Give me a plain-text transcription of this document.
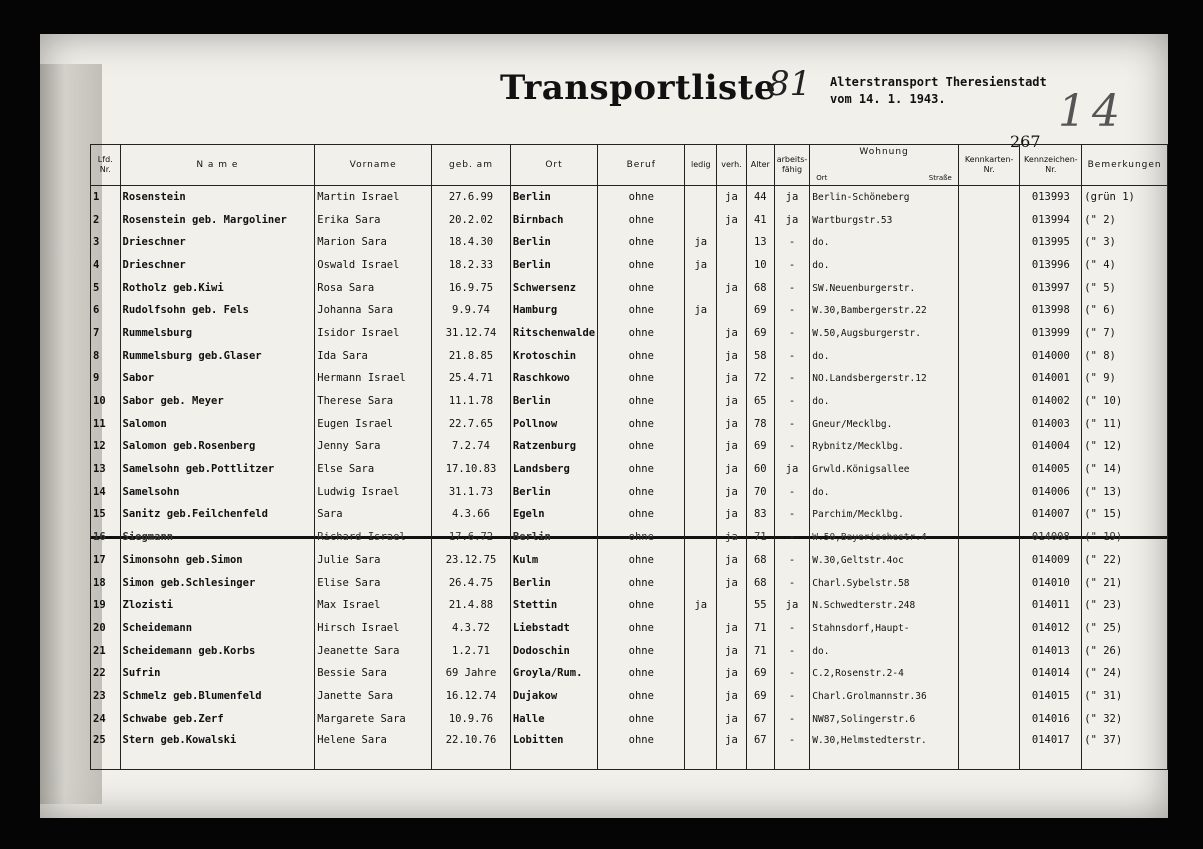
Transportliste
81 Alterstransport Theresienstadt
vom 14. 1. 1943.	14
267
Lfd. Nr.	N a m e	Vorname	geb. am	Ort	Beruf	ledig	verh.	Alter	arbeits-fähig	Wohnung
Ort Straße	Kennkarten-Nr.	Kennzeichen-Nr.	Bemerkungen
1	Rosenstein	Martin Israel	27.6.99	Berlin	ohne		ja	44	ja	Berlin-Schöneberg		013993	(grün 1)
2	Rosenstein geb. Margoliner	Erika Sara	20.2.02	Birnbach	ohne		ja	41	ja	Wartburgstr.53		013994	(" 2)
3	Drieschner	Marion Sara	18.4.30	Berlin	ohne	ja		13	-	do.		013995	(" 3)
4	Drieschner	Oswald Israel	18.2.33	Berlin	ohne	ja		10	-	do.		013996	(" 4)
5	Rotholz geb.Kiwi	Rosa Sara	16.9.75	Schwersenz	ohne		ja	68	-	SW.Neuenburgerstr.		013997	(" 5)
6	Rudolfsohn geb. Fels	Johanna Sara	9.9.74	Hamburg	ohne	ja		69	-	W.30,Bambergerstr.22		013998	(" 6)
7	Rummelsburg	Isidor Israel	31.12.74	Ritschenwalde	ohne		ja	69	-	W.50,Augsburgerstr.		013999	(" 7)
8	Rummelsburg geb.Glaser	Ida Sara	21.8.85	Krotoschin	ohne		ja	58	-	do.		014000	(" 8)
9	Sabor	Hermann Israel	25.4.71	Raschkowo	ohne		ja	72	-	NO.Landsbergerstr.12		014001	(" 9)
10	Sabor geb. Meyer	Therese Sara	11.1.78	Berlin	ohne		ja	65	-	do.		014002	(" 10)
11	Salomon	Eugen Israel	22.7.65	Pollnow	ohne		ja	78	-	Gneur/Mecklbg.		014003	(" 11)
12	Salomon geb.Rosenberg	Jenny Sara	7.2.74	Ratzenburg	ohne		ja	69	-	Rybnitz/Mecklbg.		014004	(" 12)
13	Samelsohn geb.Pottlitzer	Else Sara	17.10.83	Landsberg	ohne		ja	60	ja	Grwld.Königsallee		014005	(" 14)
14	Samelsohn	Ludwig Israel	31.1.73	Berlin	ohne		ja	70	-	do.		014006	(" 13)
15	Sanitz geb.Feilchenfeld	Sara	4.3.66	Egeln	ohne		ja	83	-	Parchim/Mecklbg.		014007	(" 15)
16	Siegmann	Richard Israel	17.6.72	Berlin	ohne		ja	71	-	W.50,Bayerischestr.4		014008	(" 19)
17	Simonsohn geb.Simon	Julie Sara	23.12.75	Kulm	ohne		ja	68	-	W.30,Geltstr.4oc		014009	(" 22)
18	Simon geb.Schlesinger	Elise Sara	26.4.75	Berlin	ohne		ja	68	-	Charl.Sybelstr.58		014010	(" 21)
19	Zlozisti	Max Israel	21.4.88	Stettin	ohne	ja		55	ja	N.Schwedterstr.248		014011	(" 23)
20	Scheidemann	Hirsch Israel	4.3.72	Liebstadt	ohne		ja	71	-	Stahnsdorf,Haupt-		014012	(" 25)
21	Scheidemann geb.Korbs	Jeanette Sara	1.2.71	Dodoschin	ohne		ja	71	-	do.		014013	(" 26)
22	Sufrin	Bessie Sara	69 Jahre	Groyla/Rum.	ohne		ja	69	-	C.2,Rosenstr.2-4		014014	(" 24)
23	Schmelz geb.Blumenfeld	Janette Sara	16.12.74	Dujakow	ohne		ja	69	-	Charl.Grolmannstr.36		014015	(" 31)
24	Schwabe geb.Zerf	Margarete Sara	10.9.76	Halle	ohne		ja	67	-	NW87,Solingerstr.6		014016	(" 32)
25	Stern geb.Kowalski	Helene Sara	22.10.76	Lobitten	ohne		ja	67	-	W.30,Helmstedterstr.		014017	(" 37)
